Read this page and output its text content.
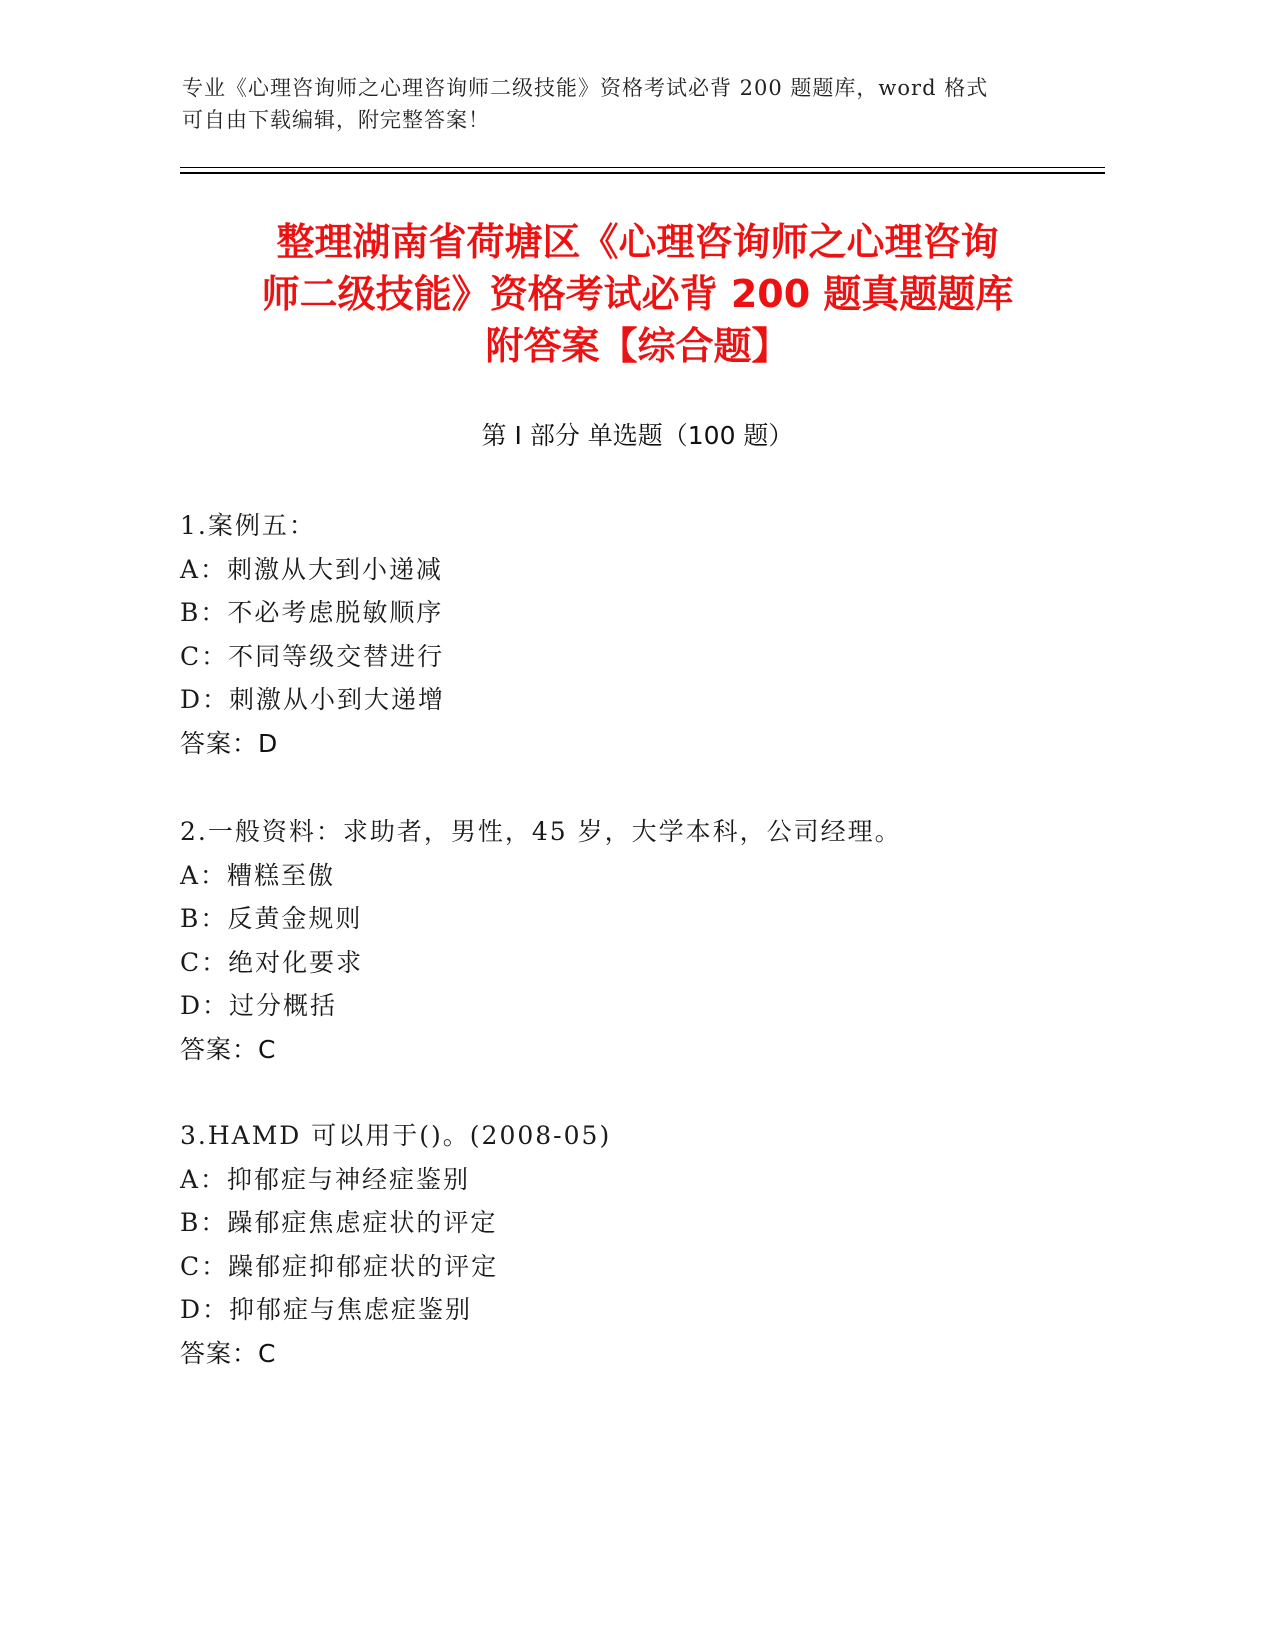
专业《心理咨询师之心理咨询师二级技能》资格考试必背 200 题题库，word 格式
可自由下载编辑，附完整答案！
整理湖南省荷塘区《心理咨询师之心理咨询
师二级技能》资格考试必背 200 题真题题库
附答案【综合题】
第 I 部分 单选题（100 题）
1.案例五：
A：刺激从大到小递减
B：不必考虑脱敏顺序
C：不同等级交替进行
D：刺激从小到大递增
答案：D
2.一般资料：求助者，男性，45 岁，大学本科，公司经理。
A：糟糕至傲
B：反黄金规则
C：绝对化要求
D：过分概括
答案：C
3.HAMD 可以用于()。(2008-05)
A：抑郁症与神经症鉴别
B：躁郁症焦虑症状的评定
C：躁郁症抑郁症状的评定
D：抑郁症与焦虑症鉴别
答案：C
